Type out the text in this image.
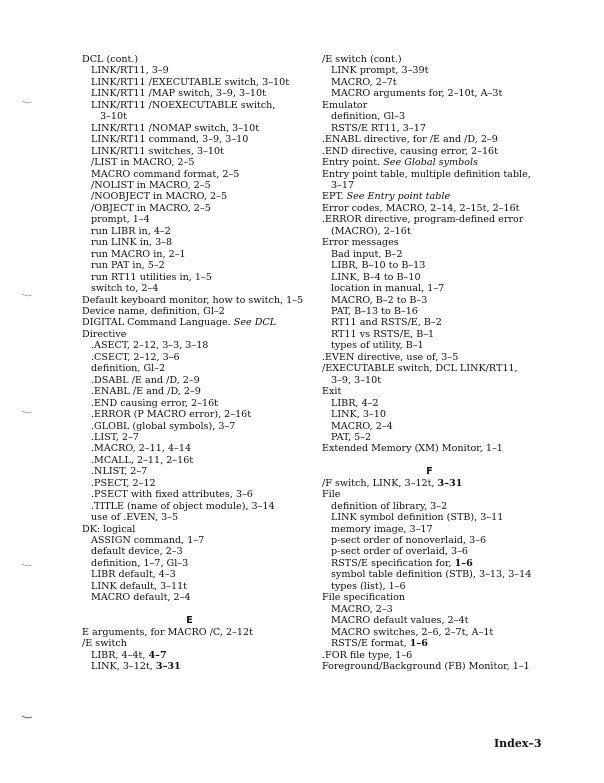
DCL (cont.)
LINK/RT11, 3–9
LINK/RT11 /EXECUTABLE switch, 3–10t
LINK/RT11 /MAP switch, 3–9, 3–10t
LINK/RT11 /NOEXECUTABLE switch,
3–10t
LINK/RT11 /NOMAP switch, 3–10t
LINK/RT11 command, 3–9, 3–10
LINK/RT11 switches, 3–10t
/LIST in MACRO, 2–5
MACRO command format, 2–5
/NOLIST in MACRO, 2–5
/NOOBJECT in MACRO, 2–5
/OBJECT in MACRO, 2–5
prompt, 1–4
run LIBR in, 4–2
run LINK in, 3–8
run MACRO in, 2–1
run PAT in, 5–2
run RT11 utilities in, 1–5
switch to, 2–4
Default keyboard monitor, how to switch, 1–5
Device name, definition, Gl–2
DIGITAL Command Language. See DCL
Directive
.ASECT, 2–12, 3–3, 3–18
.CSECT, 2–12, 3–6
definition, Gl–2
.DSABL /E and /D, 2–9
.ENABL /E and /D, 2–9
.END causing error, 2–16t
.ERROR (P MACRO error), 2–16t
.GLOBL (global symbols), 3–7
.LIST, 2–7
.MACRO, 2–11, 4–14
.MCALL, 2–11, 2–16t
.NLIST, 2–7
.PSECT, 2–12
.PSECT with fixed attributes, 3–6
.TITLE (name of object module), 3–14
use of .EVEN, 3–5
DK: logical
ASSIGN command, 1–7
default device, 2–3
definition, 1–7, Gl–3
LIBR default, 4–3
LINK default, 3–11t
MACRO default, 2–4
E
E arguments, for MACRO /C, 2–12t
/E switch
LIBR, 4–4t, 4–7
LINK, 3–12t, 3–31
/E switch (cont.)
LINK prompt, 3–39t
MACRO, 2–7t
MACRO arguments for, 2–10t, A–3t
Emulator
definition, Gl–3
RSTS/E RT11, 3–17
.ENABL directive, for /E and /D, 2–9
.END directive, causing error, 2–16t
Entry point. See Global symbols
Entry point table, multiple definition table,
3–17
EPT. See Entry point table
Error codes, MACRO, 2–14, 2–15t, 2–16t
.ERROR directive, program-defined error
(MACRO), 2–16t
Error messages
Bad input, B–2
LIBR, B–10 to B–13
LINK, B–4 to B–10
location in manual, 1–7
MACRO, B–2 to B–3
PAT, B–13 to B–16
RT11 and RSTS/E, B–2
RT11 vs RSTS/E, B–1
types of utility, B–1
.EVEN directive, use of, 3–5
/EXECUTABLE switch, DCL LINK/RT11,
3–9, 3–10t
Exit
LIBR, 4–2
LINK, 3–10
MACRO, 2–4
PAT, 5–2
Extended Memory (XM) Monitor, 1–1
F
/F switch, LINK, 3–12t, 3–31
File
definition of library, 3–2
LINK symbol definition (STB), 3–11
memory image, 3–17
p-sect order of nonoverlaid, 3–6
p-sect order of overlaid, 3–6
RSTS/E specification for, 1–6
symbol table definition (STB), 3–13, 3–14
types (list), 1–6
File specification
MACRO, 2–3
MACRO default values, 2–4t
MACRO switches, 2–6, 2–7t, A–1t
RSTS/E format, 1–6
.FOR file type, 1–6
Foreground/Background (FB) Monitor, 1–1
Index–3
